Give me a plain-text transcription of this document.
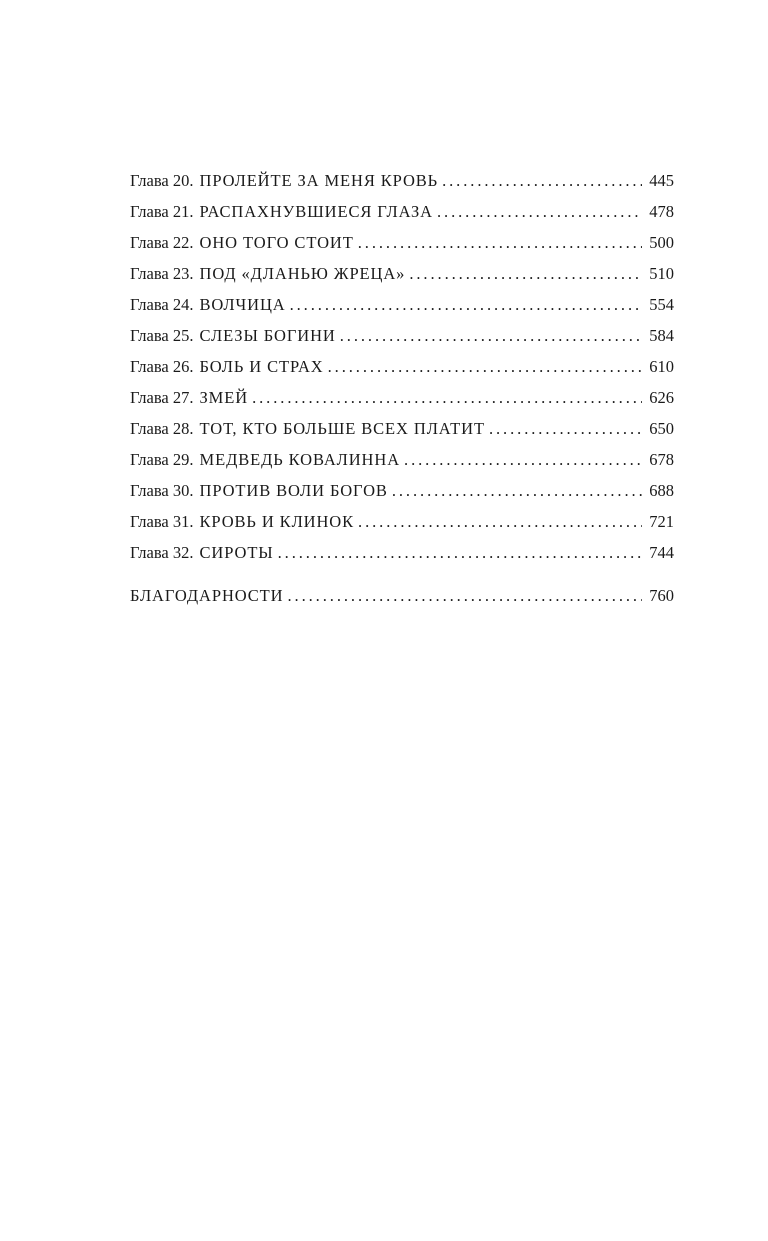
Глава 20. ПРОЛЕЙТЕ ЗА МЕНЯ КРОВЬ . . .	445
Глава 21. РАСПАХНУВШИЕСЯ ГЛАЗА . . .	478
Глава 22. ОНО ТОГО СТОИТ . . .	500
Глава 23. ПОД «ДЛАНЬЮ ЖРЕЦА» . . .	510
Глава 24. ВОЛЧИЦА . . .	554
Глава 25. СЛЕЗЫ БОГИНИ . . .	584
Глава 26. БОЛЬ И СТРАХ . . .	610
Глава 27. ЗМЕЙ . . .	626
Глава 28. ТОТ, КТО БОЛЬШЕ ВСЕХ ПЛАТИТ . . .	650
Глава 29. МЕДВЕДЬ КОВАЛИННА . . .	678
Глава 30. ПРОТИВ ВОЛИ БОГОВ . . .	688
Глава 31. КРОВЬ И КЛИНОК . . .	721
Глава 32. СИРОТЫ . . .	744
БЛАГОДАРНОСТИ . . .	760
